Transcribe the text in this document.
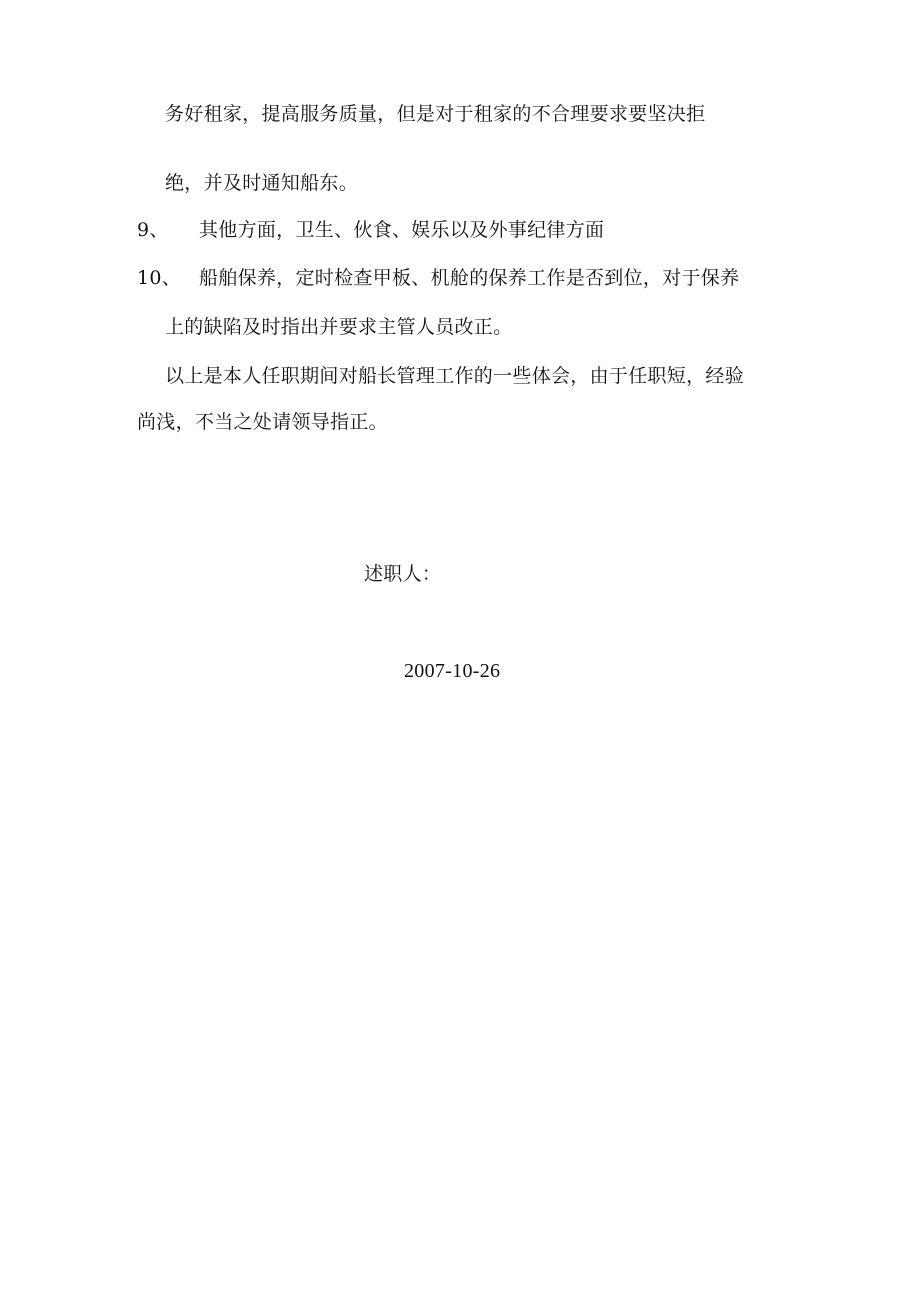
务好租家，提高服务质量，但是对于租家的不合理要求要坚决拒
绝，并及时通知船东。
9、 其他方面，卫生、伙食、娱乐以及外事纪律方面
10、 船舶保养，定时检查甲板、机舱的保养工作是否到位，对于保养
上的缺陷及时指出并要求主管人员改正。
以上是本人任职期间对船长管理工作的一些体会，由于任职短，经验
尚浅，不当之处请领导指正。
述职人：
2007-10-26
